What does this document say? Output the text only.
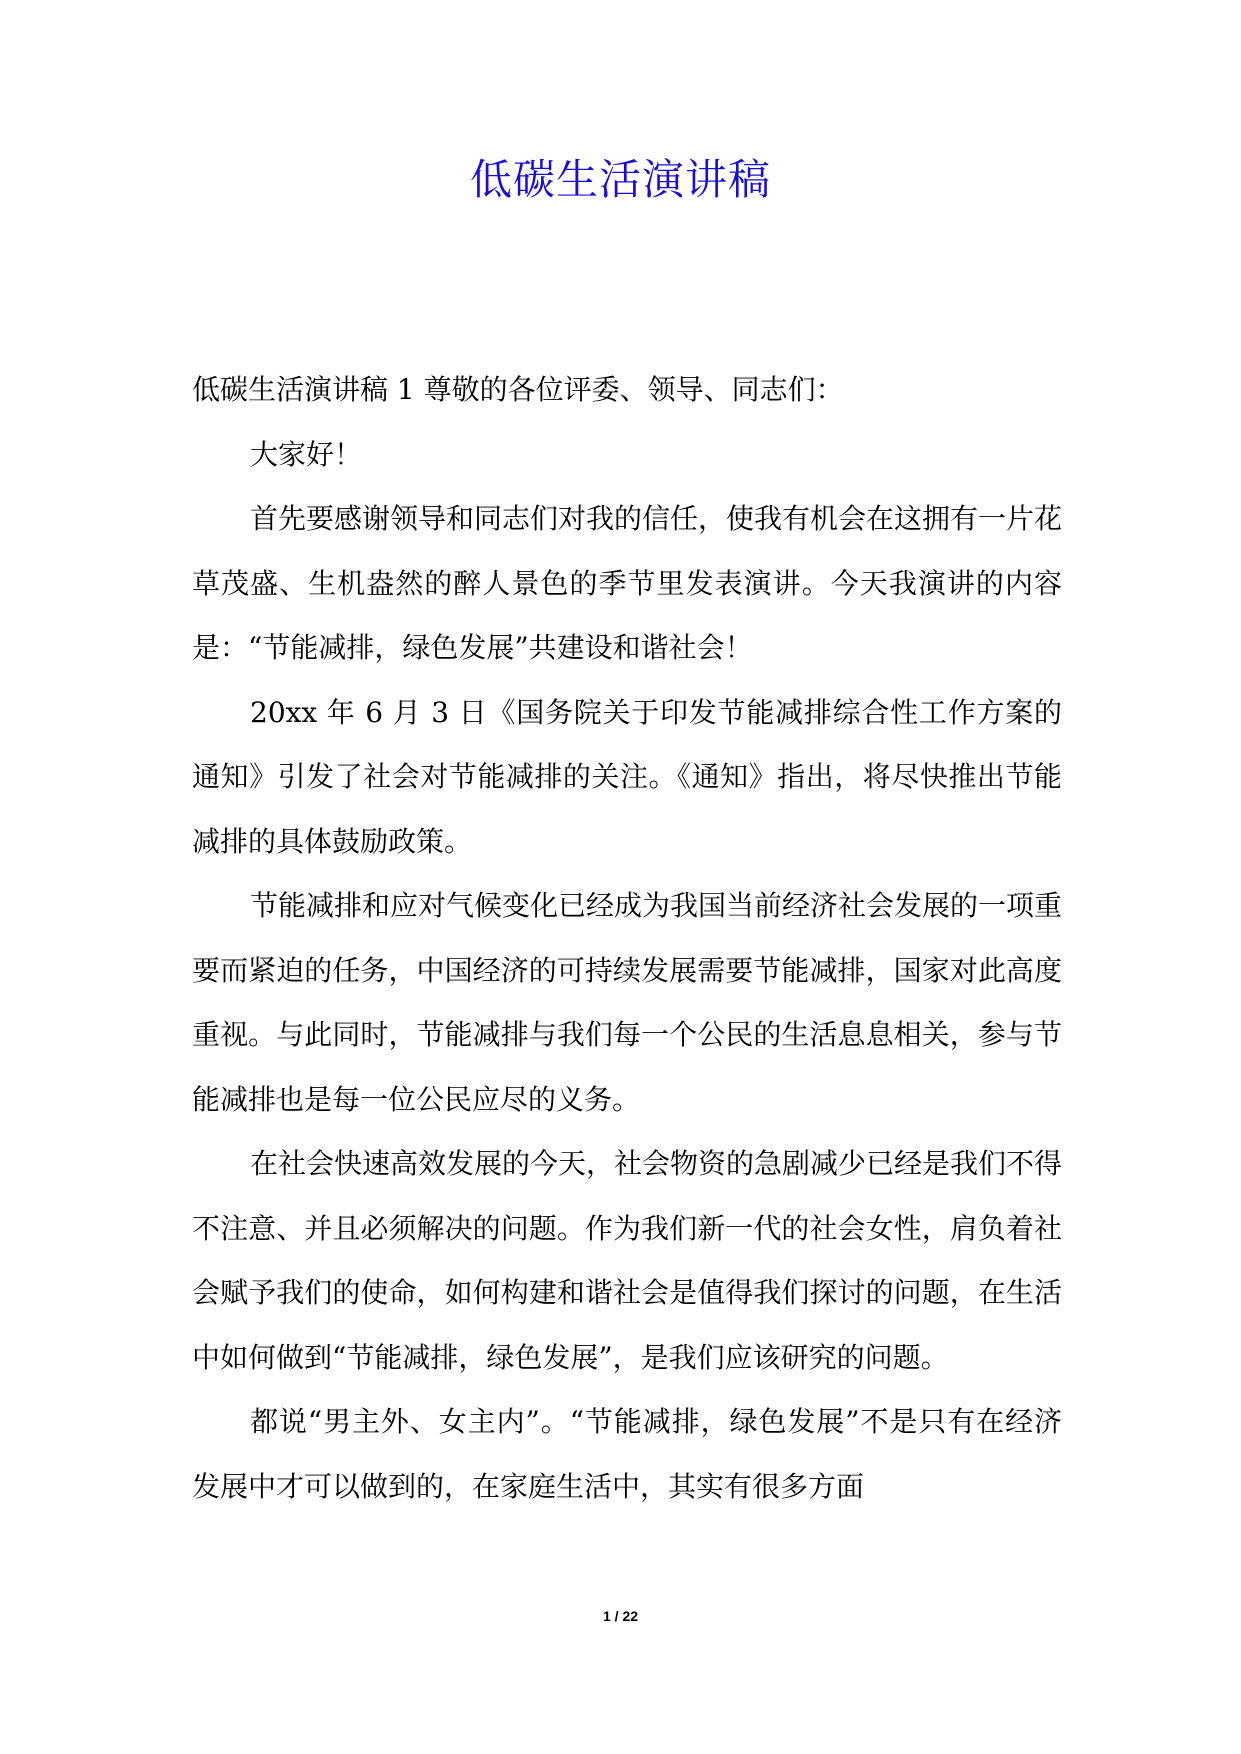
低碳生活演讲稿

低碳生活演讲稿 1 尊敬的各位评委、领导、同志们：

大家好！

首先要感谢领导和同志们对我的信任，使我有机会在这拥有一片花草茂盛、生机盎然的醉人景色的季节里发表演讲。今天我演讲的内容是：“节能减排，绿色发展”共建设和谐社会！

20xx 年 6 月 3 日《国务院关于印发节能减排综合性工作方案的通知》引发了社会对节能减排的关注。《通知》指出，将尽快推出节能减排的具体鼓励政策。

节能减排和应对气候变化已经成为我国当前经济社会发展的一项重要而紧迫的任务，中国经济的可持续发展需要节能减排，国家对此高度重视。与此同时，节能减排与我们每一个公民的生活息息相关，参与节能减排也是每一位公民应尽的义务。

在社会快速高效发展的今天，社会物资的急剧减少已经是我们不得不注意、并且必须解决的问题。作为我们新一代的社会女性，肩负着社会赋予我们的使命，如何构建和谐社会是值得我们探讨的问题，在生活中如何做到“节能减排，绿色发展”，是我们应该研究的问题。

都说“男主外、女主内”。“节能减排，绿色发展”不是只有在经济发展中才可以做到的，在家庭生活中，其实有很多方面

1 / 22
